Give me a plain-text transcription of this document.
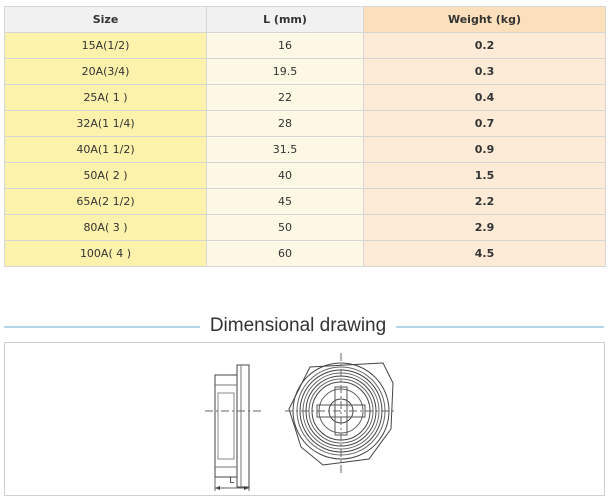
Size	L (mm)	Weight (kg)
15A(1/2)	16	0.2
20A(3/4)	19.5	0.3
25A( 1 )	22	0.4
32A(1 1/4)	28	0.7
40A(1 1/2)	31.5	0.9
50A( 2 )	40	1.5
65A(2 1/2)	45	2.2
80A( 3 )	50	2.9
100A( 4 )	60	4.5
Dimensional drawing
L
